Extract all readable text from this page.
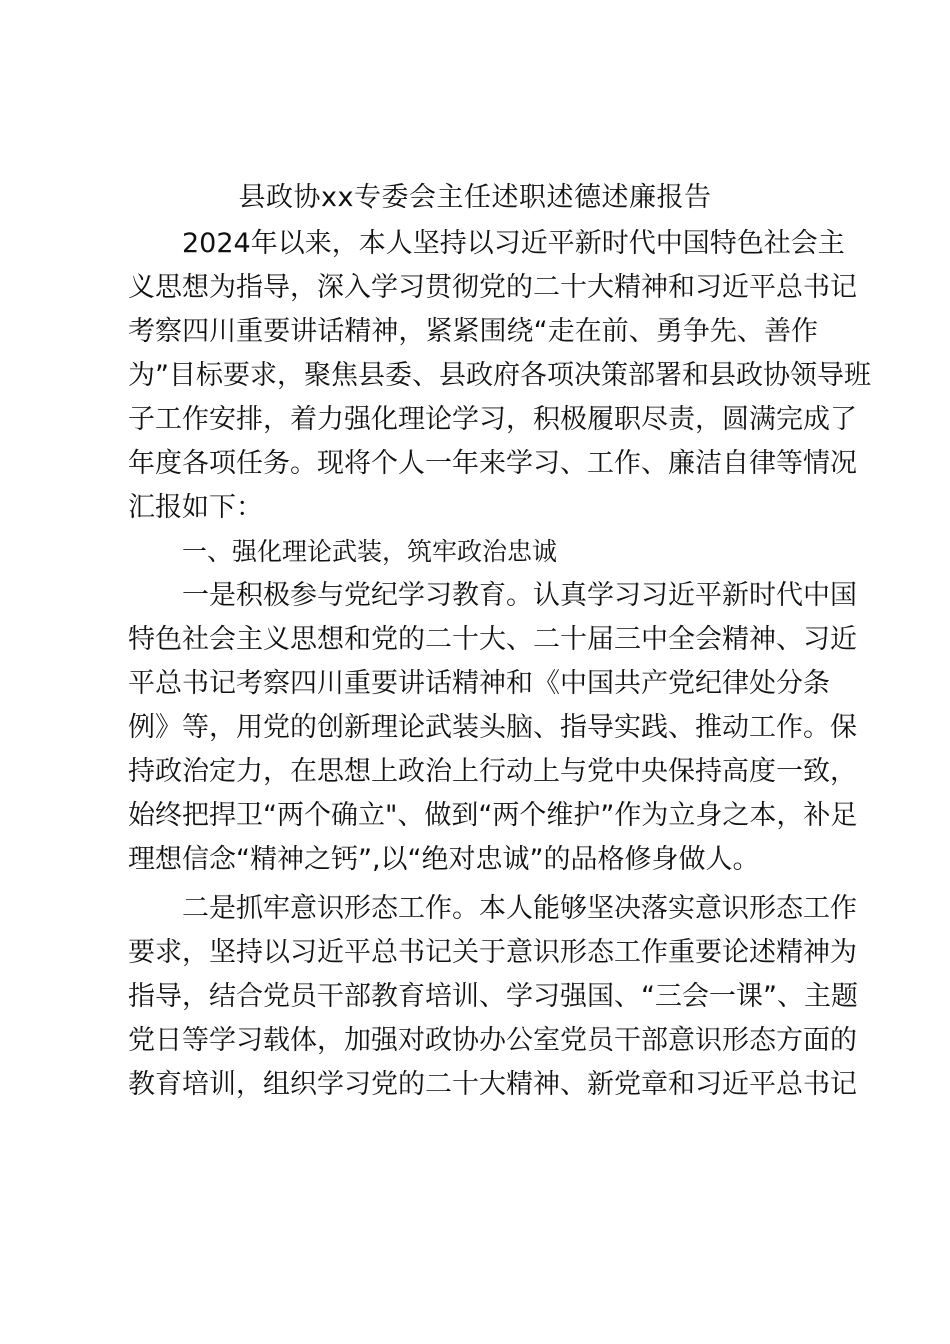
县政协xx专委会主任述职述德述廉报告
2024年以来，本人坚持以习近平新时代中国特色社会主
义思想为指导，深入学习贯彻党的二十大精神和习近平总书记
考察四川重要讲话精神，紧紧围绕“走在前、勇争先、善作
为”目标要求，聚焦县委、县政府各项决策部署和县政协领导班
子工作安排，着力强化理论学习，积极履职尽责，圆满完成了
年度各项任务。现将个人一年来学习、工作、廉洁自律等情况
汇报如下：
一、强化理论武装，筑牢政治忠诚
一是积极参与党纪学习教育。认真学习习近平新时代中国
特色社会主义思想和党的二十大、二十届三中全会精神、习近
平总书记考察四川重要讲话精神和《中国共产党纪律处分条
例》等，用党的创新理论武装头脑、指导实践、推动工作。保
持政治定力，在思想上政治上行动上与党中央保持高度一致，
始终把捍卫“两个确立"、做到“两个维护”作为立身之本，补足
理想信念“精神之钙”,以“绝对忠诚”的品格修身做人。
二是抓牢意识形态工作。本人能够坚决落实意识形态工作
要求，坚持以习近平总书记关于意识形态工作重要论述精神为
指导，结合党员干部教育培训、学习强国、“三会一课”、主题
党日等学习载体，加强对政协办公室党员干部意识形态方面的
教育培训，组织学习党的二十大精神、新党章和习近平总书记
